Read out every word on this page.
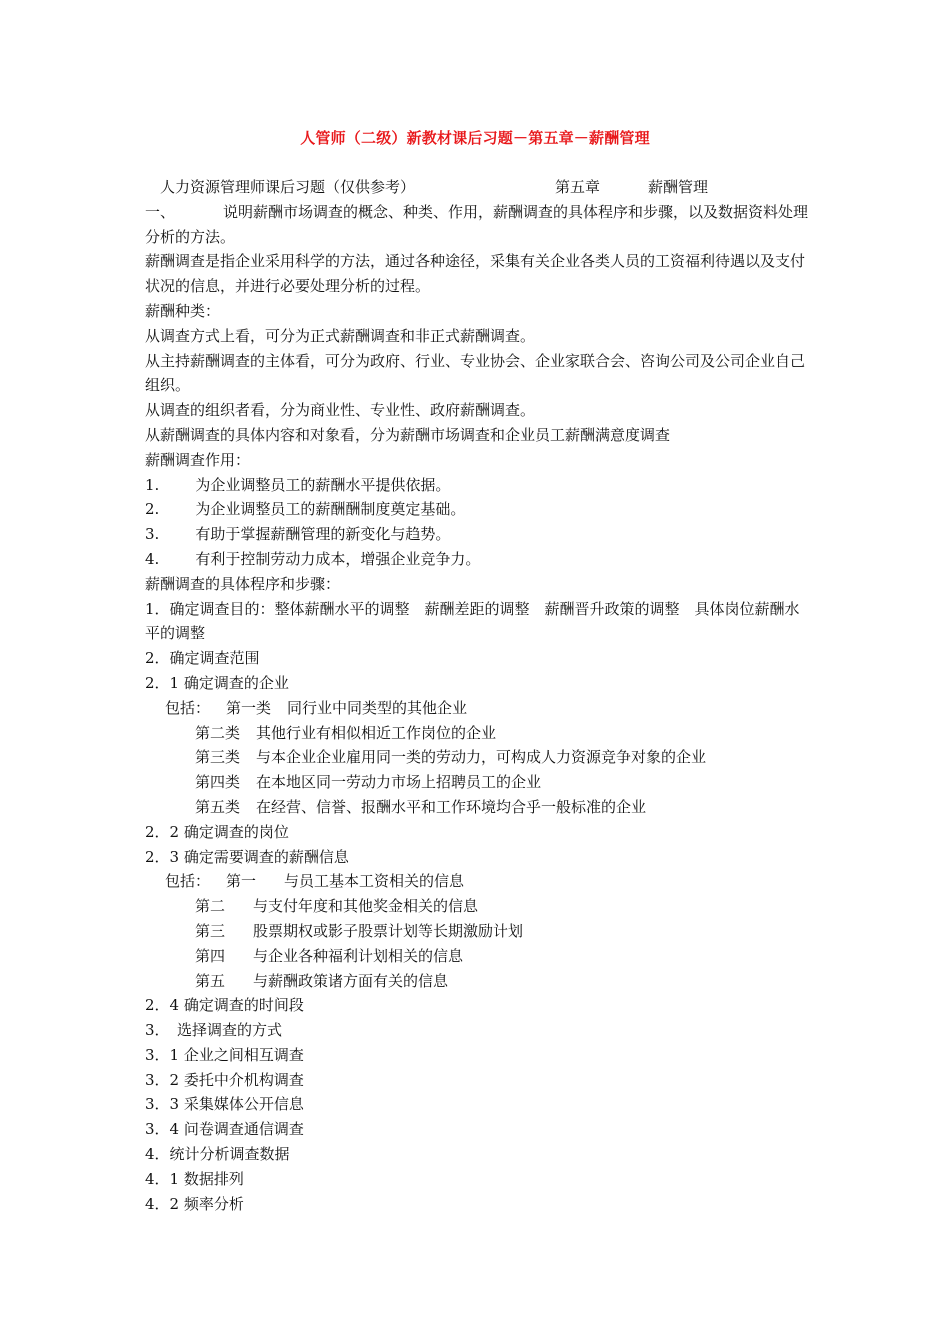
人管师（二级）新教材课后习题－第五章－薪酬管理
人力资源管理师课后习题（仅供参考）	第五章	薪酬管理
一、	说明薪酬市场调查的概念、种类、作用，薪酬调查的具体程序和步骤，以及数据资料处理分析的方法。
薪酬调查是指企业采用科学的方法，通过各种途径，采集有关企业各类人员的工资福利待遇以及支付状况的信息，并进行必要处理分析的过程。
薪酬种类：
从调查方式上看，可分为正式薪酬调查和非正式薪酬调查。
从主持薪酬调查的主体看，可分为政府、行业、专业协会、企业家联合会、咨询公司及公司企业自己组织。
从调查的组织者看，分为商业性、专业性、政府薪酬调查。
从薪酬调查的具体内容和对象看，分为薪酬市场调查和企业员工薪酬满意度调查
薪酬调查作用：
1. 为企业调整员工的薪酬水平提供依据。
2. 为企业调整员工的薪酬酬制度奠定基础。
3. 有助于掌握薪酬管理的新变化与趋势。
4. 有利于控制劳动力成本，增强企业竞争力。
薪酬调查的具体程序和步骤：
1．确定调查目的：整体薪酬水平的调整　薪酬差距的调整　薪酬晋升政策的调整　具体岗位薪酬水平的调整
2．确定调查范围
2．1 确定调查的企业
包括： 第一类 同行业中同类型的其他企业
第二类 其他行业有相似相近工作岗位的企业
第三类 与本企业企业雇用同一类的劳动力，可构成人力资源竞争对象的企业
第四类 在本地区同一劳动力市场上招聘员工的企业
第五类 在经营、信誉、报酬水平和工作环境均合乎一般标准的企业
2．2 确定调查的岗位
2．3 确定需要调查的薪酬信息
包括： 第一 与员工基本工资相关的信息
第二 与支付年度和其他奖金相关的信息
第三 股票期权或影子股票计划等长期激励计划
第四 与企业各种福利计划相关的信息
第五 与薪酬政策诸方面有关的信息
2．4 确定调查的时间段
3．　选择调查的方式
3．1 企业之间相互调查
3．2 委托中介机构调查
3．3 采集媒体公开信息
3．4 问卷调查通信调查
4．统计分析调查数据
4．1 数据排列
4．2 频率分析
